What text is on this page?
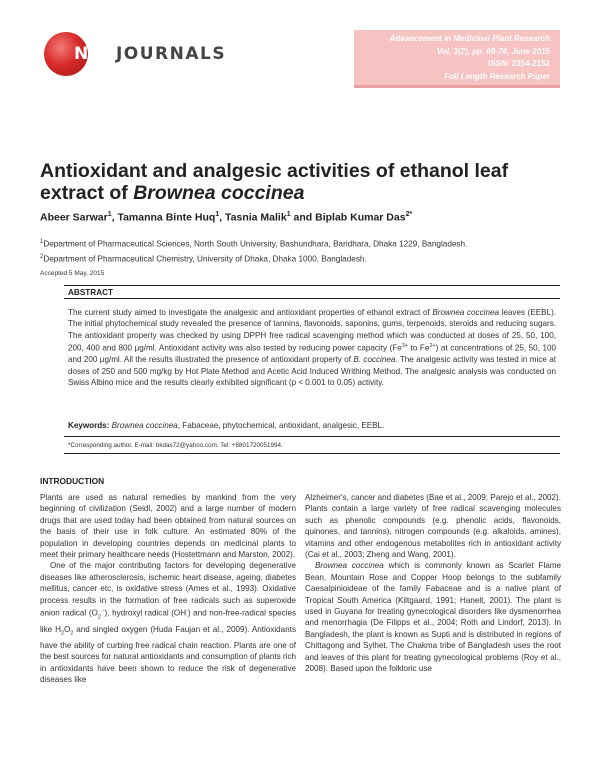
NETJOURNALS
Advancement in Medicinal Plant Research
Vol. 3(2), pp. 69-74, June 2015
ISSN: 2354-2152
Full Length Research Paper
Antioxidant and analgesic activities of ethanol leaf
extract of Brownea coccinea
Abeer Sarwar$^1$, Tamanna Binte Huq$^1$, Tasnia Malik$^1$ and Biplab Kumar Das$^{2*}$
$^1$Department of Pharmaceutical Sciences, North South University, Bashundhara, Baridhara, Dhaka 1229, Bangladesh.
$^2$Department of Pharmaceutical Chemistry, University of Dhaka, Dhaka 1000, Bangladesh.
Accepted 5 May, 2015
ABSTRACT
The current study aimed to investigate the analgesic and antioxidant properties of ethanol extract of Brownea coccinea leaves (EEBL). The initial phytochemical study revealed the presence of tannins, flavonoids, saponins, gums, terpenoids, steroids and reducing sugars. The antioxidant property was checked by using DPPH free radical scavenging method which was conducted at doses of 25, 50, 100, 200, 400 and 800 µg/ml. Antioxidant activity was also tested by reducing power capacity ($Fe^{3+}$ to $Fe^{2+}$) at concentrations of 25, 50, 100 and 200 µg/ml. All the results illustrated the presence of antioxidant property of B. coccinea. The analgesic activity was tested in mice at doses of 250 and 500 mg/kg by Hot Plate Method and Acetic Acid Induced Writhing Method. The analgesic analysis was conducted on Swiss Albino mice and the results clearly exhibited significant (p < 0.001 to 0.05) activity.
Keywords: Brownea coccinea, Fabaceae, phytochemical, antioxidant, analgesic, EEBL.
*Corresponding author. E-mail: bkdas72@yahoo.com. Tel: +8801720051994.
INTRODUCTION

Plants are used as natural remedies by mankind from the very beginning of civilization (Seidl, 2002) and a large number of modern drugs that are used today had been obtained from natural sources on the basis of their use in folk culture. An estimated 80% of the population in developing countries depends on medicinal plants to meet their primary healthcare needs (Hostettmann and Marston, 2002).

One of the major contributing factors for developing degenerative diseases like atherosclerosis, ischemic heart disease, ageing, diabetes mellitus, cancer etc, is oxidative stress (Ames et al., 1993). Oxidative process results in the formation of free radicals such as superoxide anion radical $(O_2^{\cdot-})$, hydroxyl radical (OH·) and non-free-radical species like $H_2O_2$ and singled oxygen (Huda Faujan et al., 2009). Antioxidants have the ability of curbing free radical chain reaction. Plants are one of the best sources for natural antioxidants and consumption of plants rich in antioxidants have been shown to reduce the risk of degenerative diseases like

Alzheimer's, cancer and diabetes (Bae et al., 2009; Parejo et al., 2002). Plants contain a large variety of free radical scavenging molecules such as phenolic compounds (e.g. phenolic acids, flavonoids, quinones, and tannins), nitrogen compounds (e.g. alkaloids, amines), vitamins and other endogenous metabolites rich in antioxidant activity (Cai et al., 2003; Zheng and Wang, 2001).

Brownea coccinea which is commonly known as Scarlet Flame Bean, Mountain Rose and Copper Hoop belongs to the subfamily Caesalpinioideae of the family Fabaceae and is a native plant of Tropical South America (Kiltgaard, 1991; Hanelt, 2001). The plant is used in Guyana for treating gynecological disorders like dysmenorrhea and menorrhagia (De Filipps et al., 2004; Roth and Lindorf, 2013). In Bangladesh, the plant is known as Supti and is distributed in regions of Chittagong and Sylhet. The Chakma tribe of Bangladesh uses the root and leaves of this plant for treating gynecological problems (Roy et al., 2008). Based upon the folkloric use
